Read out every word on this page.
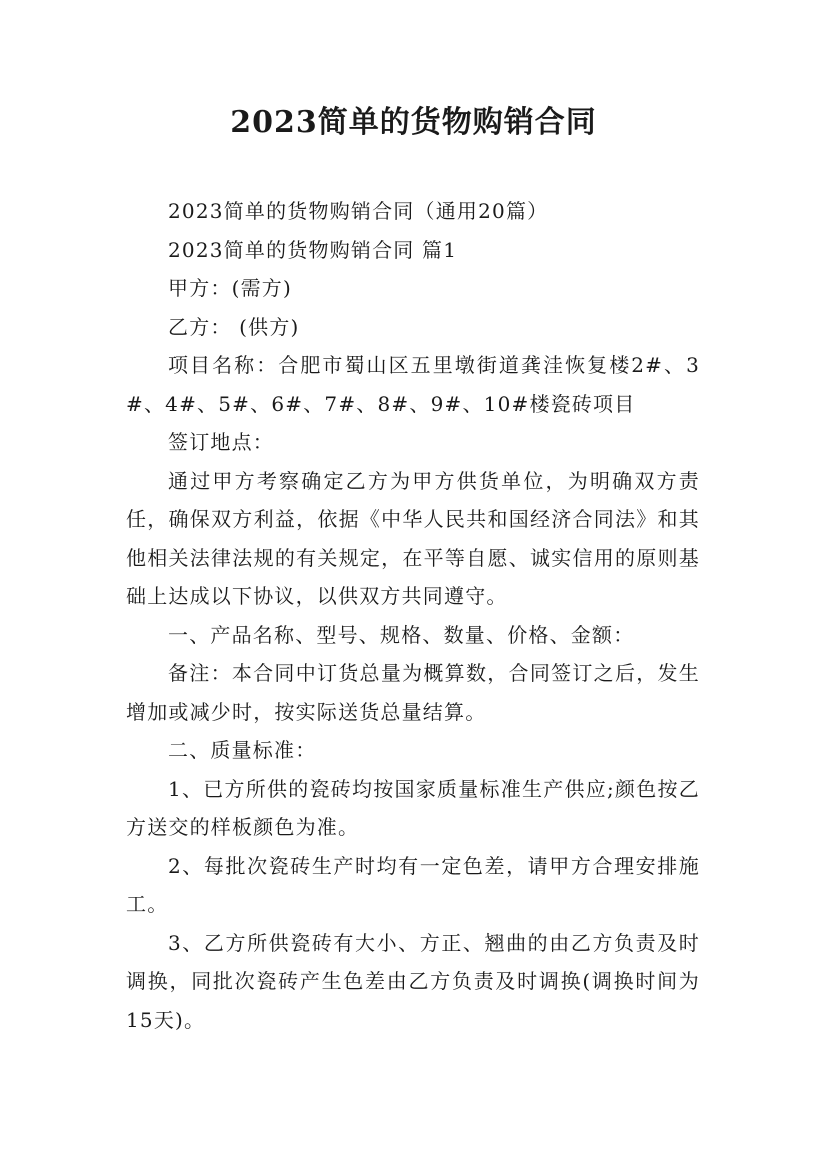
2023简单的货物购销合同

2023简单的货物购销合同（通用20篇）

2023简单的货物购销合同 篇1

甲方：(需方)

乙方： (供方)

项目名称：合肥市蜀山区五里墩街道龚洼恢复楼2#、3#、4#、5#、6#、7#、8#、9#、10#楼瓷砖项目

签订地点：

通过甲方考察确定乙方为甲方供货单位，为明确双方责任，确保双方利益，依据《中华人民共和国经济合同法》和其他相关法律法规的有关规定，在平等自愿、诚实信用的原则基础上达成以下协议，以供双方共同遵守。

一、产品名称、型号、规格、数量、价格、金额：

备注：本合同中订货总量为概算数，合同签订之后，发生增加或减少时，按实际送货总量结算。

二、质量标准：

1、已方所供的瓷砖均按国家质量标准生产供应;颜色按乙方送交的样板颜色为准。

2、每批次瓷砖生产时均有一定色差，请甲方合理安排施工。

3、乙方所供瓷砖有大小、方正、翘曲的由乙方负责及时调换，同批次瓷砖产生色差由乙方负责及时调换(调换时间为15天)。
